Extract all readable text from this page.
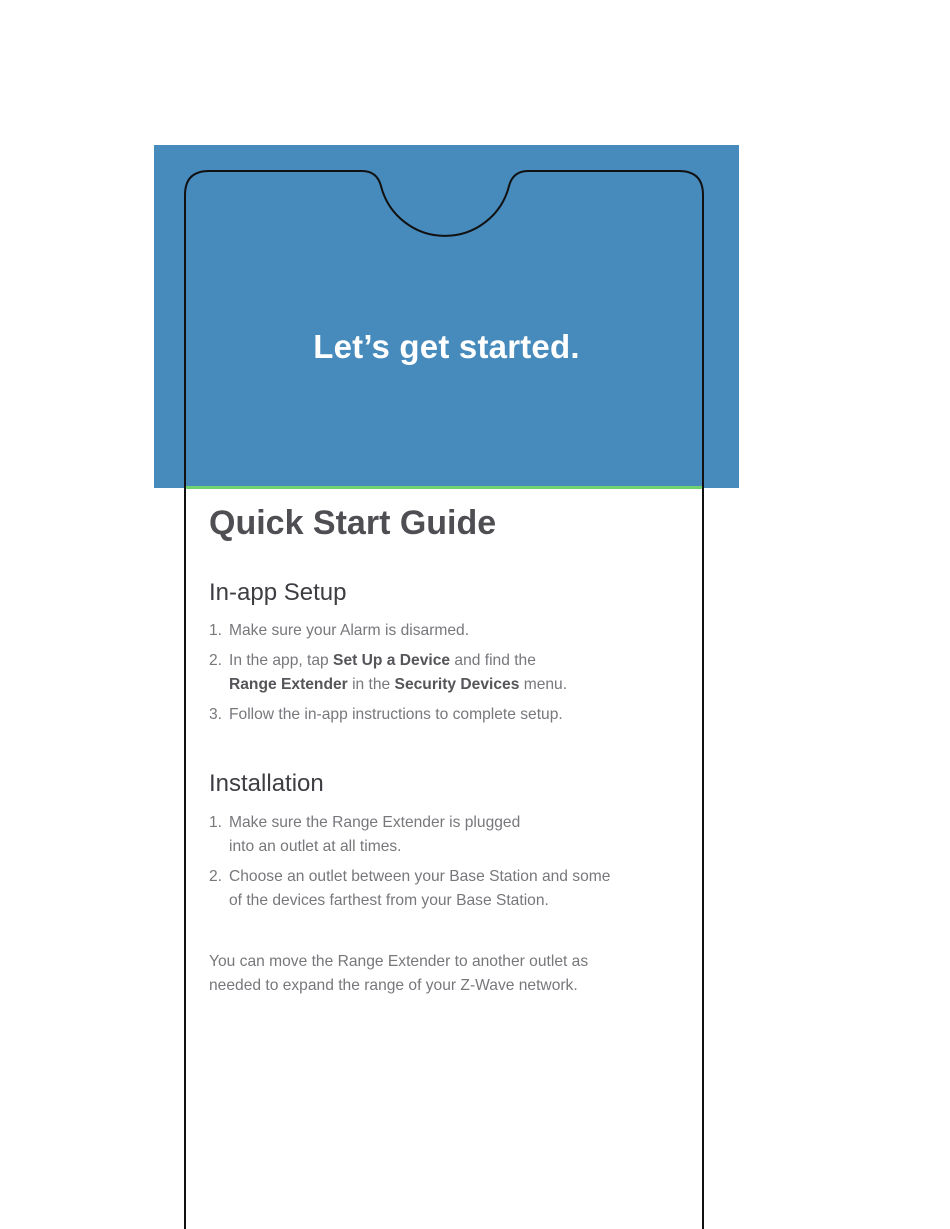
Let’s get started.
Quick Start Guide
In-app Setup
1. Make sure your Alarm is disarmed.
2. In the app, tap Set Up a Device and find the
Range Extender in the Security Devices menu.
3. Follow the in-app instructions to complete setup.
Installation
1. Make sure the Range Extender is plugged
into an outlet at all times.
2. Choose an outlet between your Base Station and some
of the devices farthest from your Base Station.

You can move the Range Extender to another outlet as
needed to expand the range of your Z-Wave network.
